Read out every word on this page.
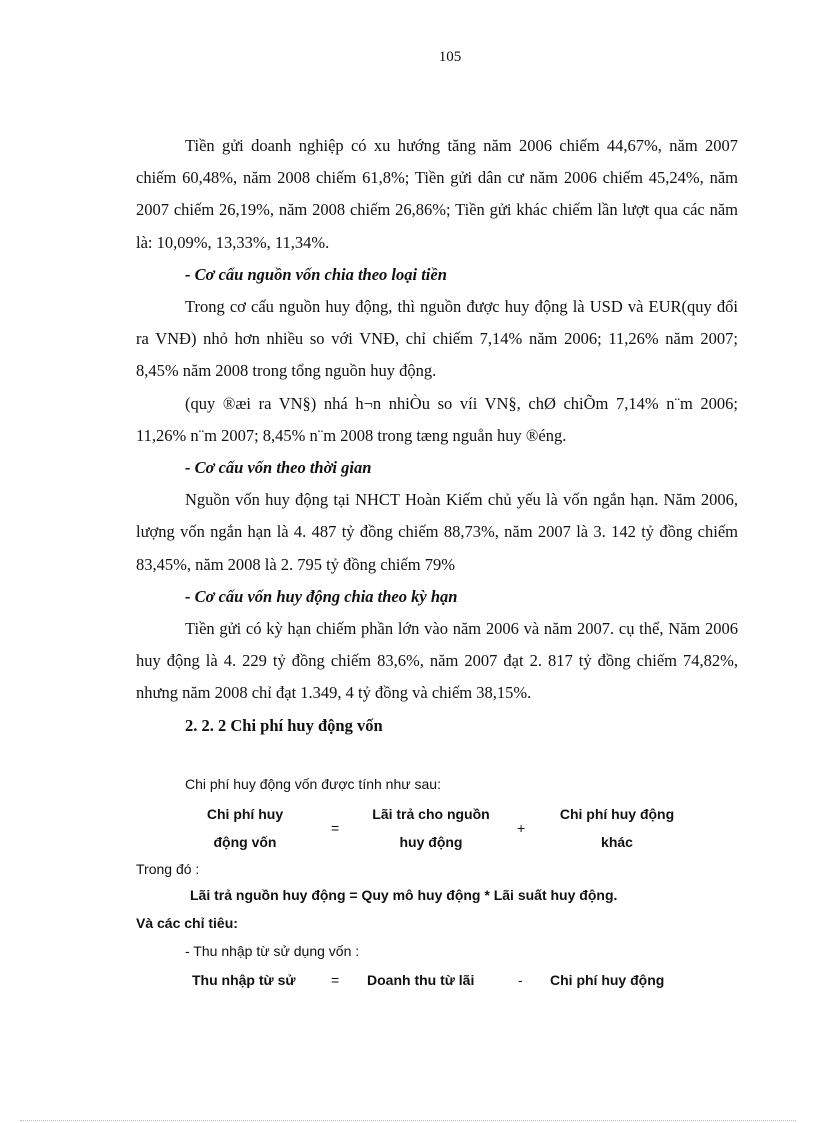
105

Tiền gửi doanh nghiệp có xu hướng tăng năm 2006 chiếm 44,67%, năm 2007 chiếm 60,48%, năm 2008 chiếm 61,8%; Tiền gửi dân cư năm 2006 chiếm 45,24%, năm 2007 chiếm 26,19%, năm 2008 chiếm 26,86%; Tiền gửi khác chiếm lần lượt qua các năm là: 10,09%, 13,33%, 11,34%.

- Cơ cấu nguồn vốn chia theo loại tiền

Trong cơ cấu nguồn huy động, thì nguồn được huy động là USD và EUR(quy đổi ra VNĐ) nhỏ hơn nhiều so với VNĐ, chỉ chiếm 7,14% năm 2006; 11,26% năm 2007; 8,45% năm 2008 trong tổng nguồn huy động.

(quy ®æi ra VN§) nhá h¬n nhiÒu so víi VN§, chØ chiÕm 7,14% n¨m 2006; 11,26% n¨m 2007; 8,45% n¨m 2008 trong tæng nguån huy ®éng.

- Cơ cấu vốn theo thời gian

Nguồn vốn huy động tại NHCT Hoàn Kiếm chủ yếu là vốn ngắn hạn. Năm 2006, lượng vốn ngắn hạn là 4. 487 tỷ đồng chiếm 88,73%, năm 2007 là 3. 142 tỷ đồng chiếm 83,45%, năm 2008 là 2. 795 tỷ đồng chiếm 79%

- Cơ cấu vốn huy động chia theo kỳ hạn

Tiền gửi có kỳ hạn chiếm phần lớn vào năm 2006 và năm 2007. cụ thể, Năm 2006 huy động là 4. 229 tỷ đồng chiếm 83,6%, năm 2007 đạt 2. 817 tỷ đồng chiếm 74,82%, nhưng năm 2008 chỉ đạt 1.349, 4 tỷ đồng và chiếm 38,15%.

2. 2. 2 Chi phí huy động vốn

Chi phí huy động vốn được tính như sau:
Chi phí huy
động vốn
=
Lãi trả cho nguồn
huy động
+
Chi phí huy động
khác
Trong đó :
Lãi trả nguồn huy động = Quy mô huy động * Lãi suất huy động.
Và các chỉ tiêu:
- Thu nhập từ sử dụng vốn :
Thu nhập từ sử	= Doanh thu từ lãi	- Chi phí huy động
